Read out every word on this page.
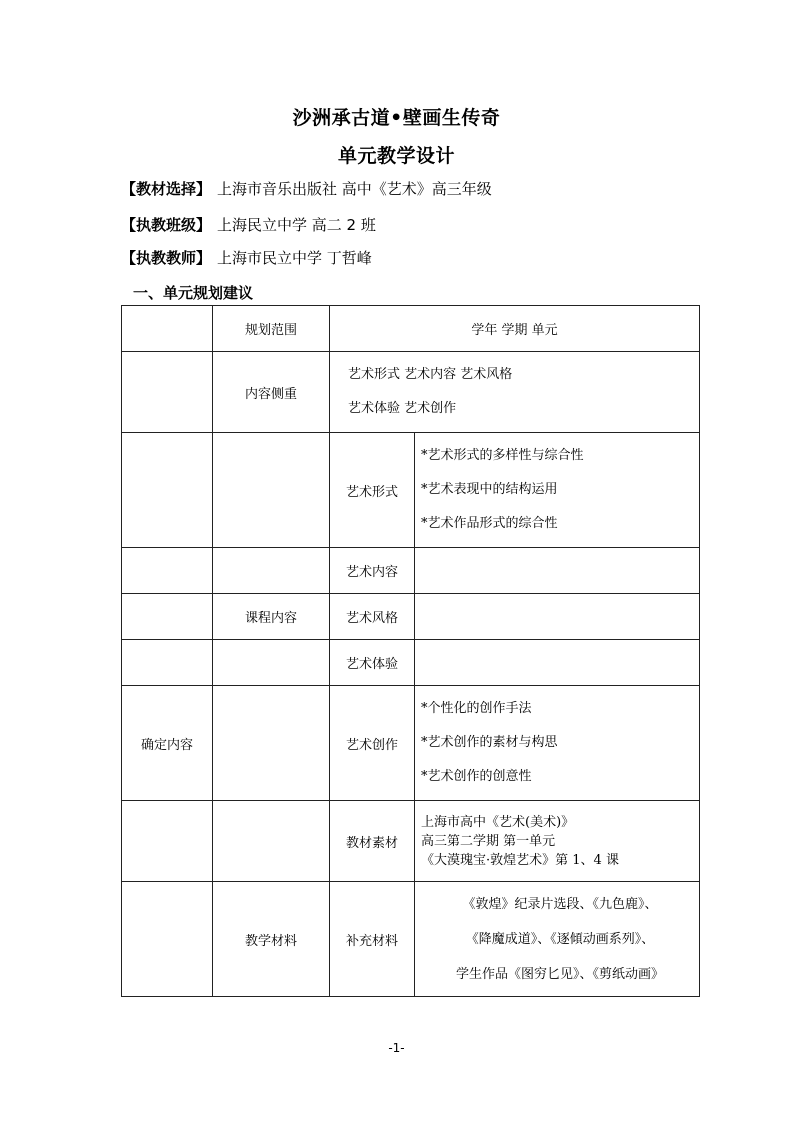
沙洲承古道•壁画生传奇
单元教学设计
【教材选择】 上海市音乐出版社 高中《艺术》高三年级
【执教班级】 上海民立中学 高二 2 班
【执教教师】 上海市民立中学 丁哲峰
一、单元规划建议
	规划范围	学年 学期 单元	
	内容侧重	艺术形式 艺术内容 艺术风格
艺术体验 艺术创作	

		艺术形式	*艺术形式的多样性与综合性
*艺术表现中的结构运用
*艺术作品形式的综合性

		艺术内容	
	课程内容	艺术风格	
		艺术体验	
确定内容		艺术创作	*个性化的创作手法
*艺术创作的素材与构思
*艺术创作的创意性

		教材素材	上海市高中《艺术(美术)》
高三第二学期 第一单元
《大漠瑰宝·敦煌艺术》第 1、4 课

	教学材料	补充材料	《敦煌》纪录片选段、《九色鹿》、
《降魔成道》、《逐傾动画系列》、
学生作品《图穷匕见》、《剪纸动画》
-1-
